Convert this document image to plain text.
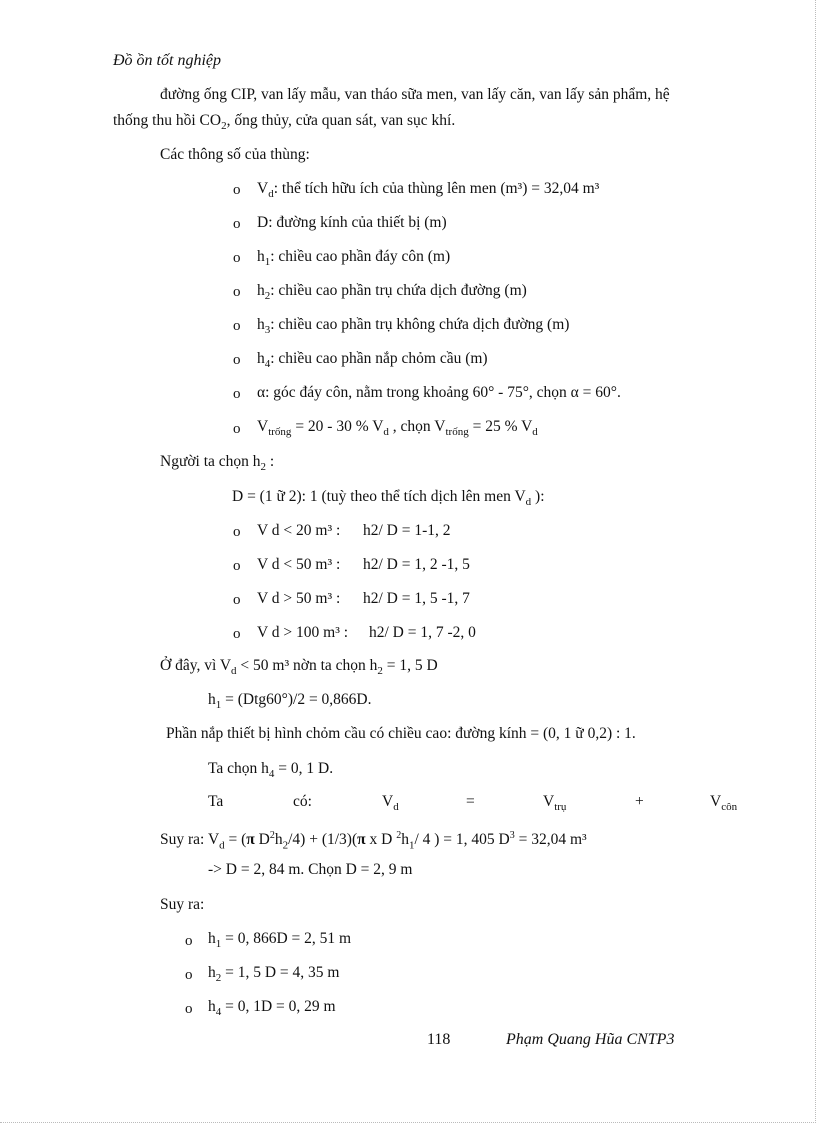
Đồ ồn tốt nghiệp
đường ống CIP, van lấy mẫu, van tháo sữa men, van lấy căn, van lấy sản phẩm, hệ
thống thu hồi $CO_2$, ống thủy, cửa quan sát, van sục khí.
Các thông số của thùng:
o $V_d$: thể tích hữu ích của thùng lên men (m³) = 32,04 m³
o D: đường kính của thiết bị (m)
o $h_1$: chiều cao phần đáy côn (m)
o $h_2$: chiều cao phần trụ chứa dịch đường (m)
o $h_3$: chiều cao phần trụ không chứa dịch đường (m)
o $h_4$: chiều cao phần nắp chỏm cầu (m)
o α: góc đáy côn, nằm trong khoảng 60° - 75°, chọn α = 60°.
o $V_{trống} = 20 - 30$ % $V_d$ , chọn $V_{trống} = 25$ % $V_d$
Người ta chọn $h_2$ :
D = (1 ữ 2): 1 (tuỳ theo thể tích dịch lên men $V_d$ ):
o V d < 20 m³ : h2/ D = 1-1, 2
o V d < 50 m³ : h2/ D = 1, 2 -1, 5
o V d > 50 m³ : h2/ D = 1, 5 -1, 7
o V d > 100 m³ : h2/ D = 1, 7 -2, 0
Ở đây, vì $V_d < 50$ m³ nờn ta chọn $h_2 = 1$, 5 D
$h_1 = (Dtg60^\circ)/2 = 0,866D$.
Phần nắp thiết bị hình chỏm cầu có chiều cao: đường kính = (0, 1 ữ 0,2) : 1.
Ta chọn $h_4 = 0$, 1 D.
Ta	có:	$V_d$	=	$V_{trụ}$	+	$V_{côn}$
Suy ra: $V_d = (\pi$ $D^2h_2/4) + (1/3)(\pi$ x D $^2h_1/$ 4 ) = 1, 405 $D^3 = 32,04$ m³
-> D = 2, 84 m. Chọn D = 2, 9 m
Suy ra:
o $h_1 = 0$, 866D = 2, 51 m
o $h_2 = 1$, 5 D = 4, 35 m
o $h_4 = 0$, 1D = 0, 29 m
118	Phạm Quang Hũa CNTP3
